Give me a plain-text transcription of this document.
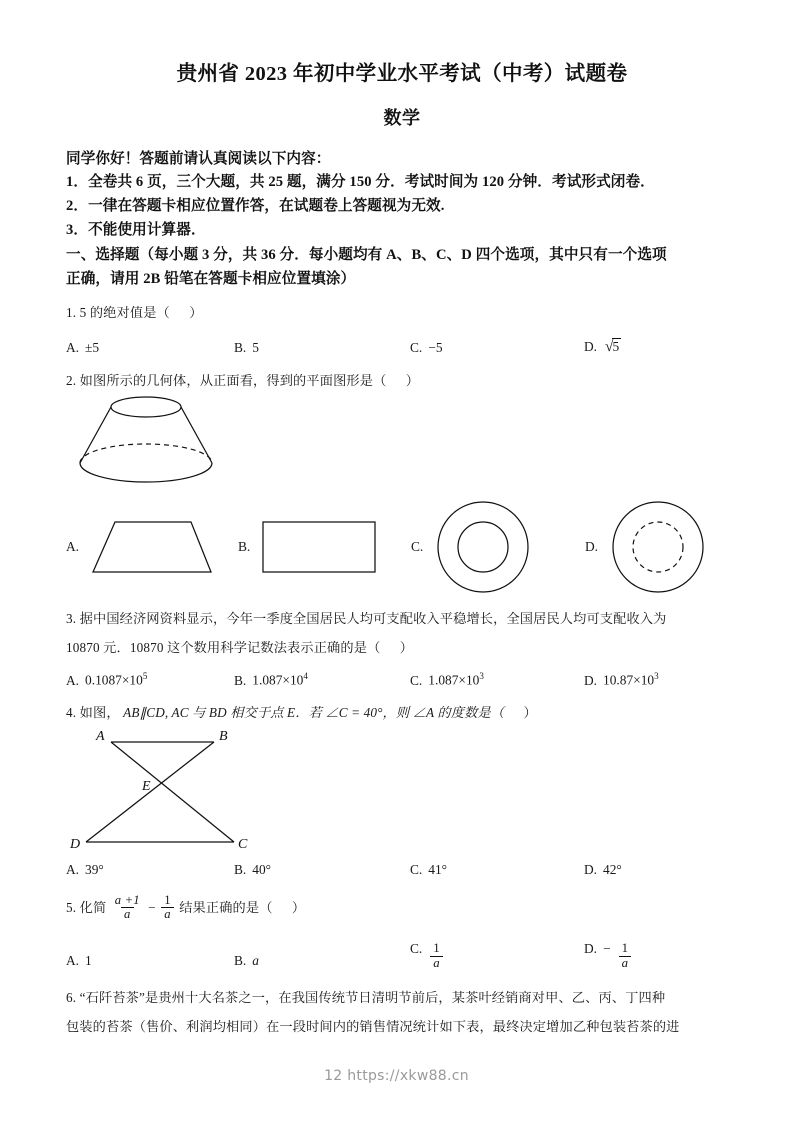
贵州省 2023 年初中学业水平考试（中考）试题卷
数学
同学你好！答题前请认真阅读以下内容：
1．全卷共 6 页，三个大题，共 25 题，满分 150 分．考试时间为 120 分钟．考试形式闭卷．
2．一律在答题卡相应位置作答，在试题卷上答题视为无效.
3．不能使用计算器．
一、选择题（每小题 3 分，共 36 分．每小题均有 A、B、C、D 四个选项，其中只有一个选项
正确，请用 2B 铅笔在答题卡相应位置填涂）
1. 5 的绝对值是（ ）
A. ±5	B. 5	C. −5	D. √5
2. 如图所示的几何体，从正面看，得到的平面图形是（ ）
A.	B.	C.	D.
3. 据中国经济网资料显示，今年一季度全国居民人均可支配收入平稳增长，全国居民人均可支配收入为
10870 元．10870 这个数用科学记数法表示正确的是（ ）
A. $0.1087\times 10^5$	B. $1.087\times 10^4$	C. $1.087\times 10^3$	D. $10.87\times 10^3$
4. 如图， AB∥CD, AC 与 BD 相交于点 E．若 ∠C = 40°，则 ∠A 的度数是（ ）
A	B
E
D	C
A. 39°	B. 40°	C. 41°	D. 42°
5. 化简 $\frac{a +1}{a} - \frac{1}{a}$ 结果正确的是（ ）
A. 1	B. a
C. $\frac{1}{a}$	D. − $\frac{1}{a}$
6. “石阡苔茶”是贵州十大名茶之一，在我国传统节日清明节前后，某茶叶经销商对甲、乙、丙、丁四种
包装的苔茶（售价、利润均相同）在一段时间内的销售情况统计如下表，最终决定增加乙种包装苔茶的进
12 https://xkw88.cn
